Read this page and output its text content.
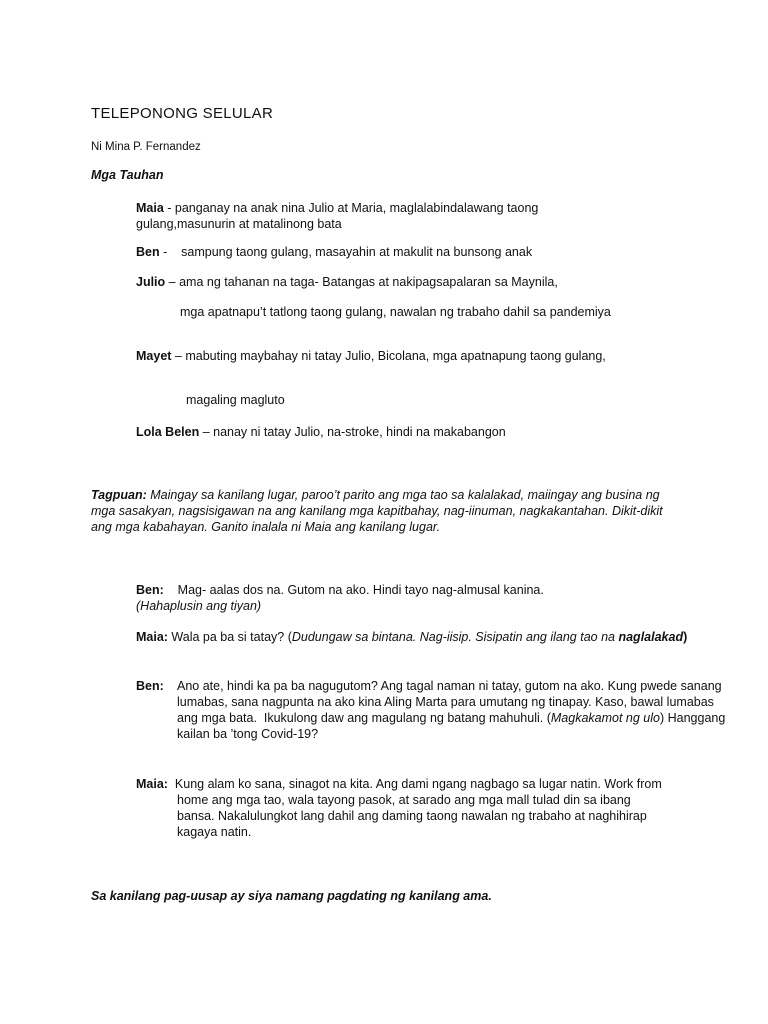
TELEPONONG SELULAR
Ni Mina P. Fernandez
Mga Tauhan
Maia - panganay na anak nina Julio at Maria, maglalabindalawang taong gulang,masunurin at matalinong bata
Ben -    sampung taong gulang, masayahin at makulit na bunsong anak
Julio – ama ng tahanan na taga- Batangas at nakipagsapalaran sa Maynila,
mga apatnapu’t tatlong taong gulang, nawalan ng trabaho dahil sa pandemiya
Mayet – mabuting maybahay ni tatay Julio, Bicolana, mga apatnapung taong gulang,
magaling magluto
Lola Belen – nanay ni tatay Julio, na-stroke, hindi na makabangon
Tagpuan: Maingay sa kanilang lugar, paroo’t parito ang mga tao sa kalalakad, maiingay ang busina ng mga sasakyan, nagsisigawan na ang kanilang mga kapitbahay, nag-iinuman, nagkakantahan. Dikit-dikit ang mga kabahayan. Ganito inalala ni Maia ang kanilang lugar.
Ben:    Mag- aalas dos na. Gutom na ako. Hindi tayo nag-almusal kanina.
(Hahaplusin ang tiyan)
Maia: Wala pa ba si tatay? (Dudungaw sa bintana. Nag-iisip. Sisipatin ang ilang tao na naglalakad)
Ben:    Ano ate, hindi ka pa ba nagugutom? Ang tagal naman ni tatay, gutom na ako. Kung pwede sanang lumabas, sana nagpunta na ako kina Aling Marta para umutang ng tinapay. Kaso, bawal lumabas ang mga bata.  Ikukulong daw ang magulang ng batang mahuhuli. (Magkakamot ng ulo) Hanggang kailan ba ’tong Covid-19?
Maia:  Kung alam ko sana, sinagot na kita. Ang dami ngang nagbago sa lugar natin. Work from home ang mga tao, wala tayong pasok, at sarado ang mga mall tulad din sa ibang bansa. Nakalulungkot lang dahil ang daming taong nawalan ng trabaho at naghihirap kagaya natin.
Sa kanilang pag-uusap ay siya namang pagdating ng kanilang ama.
